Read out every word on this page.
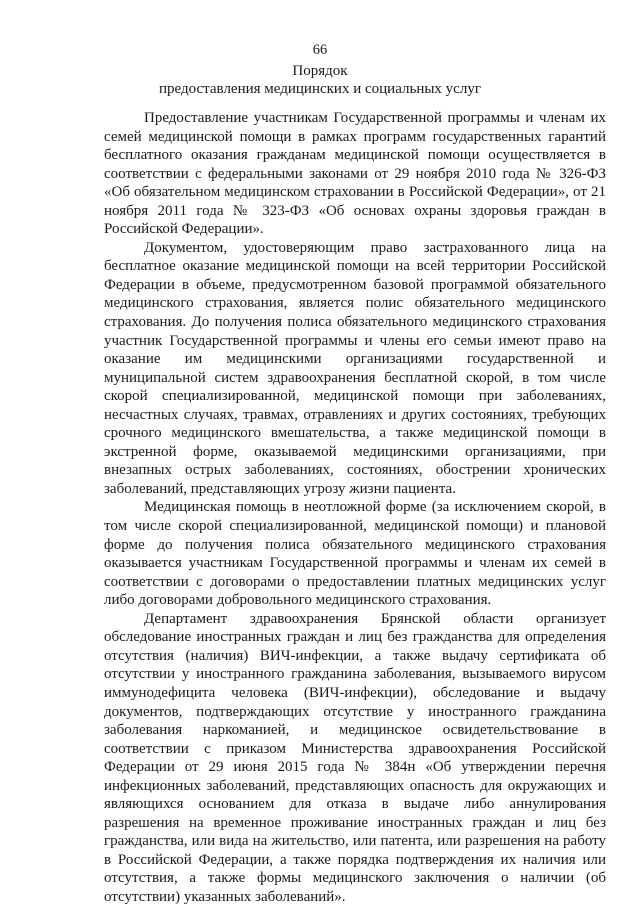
66
Порядок
предоставления медицинских и социальных услуг

Предоставление участникам Государственной программы и членам их семей медицинской помощи в рамках программ государственных гарантий бесплатного оказания гражданам медицинской помощи осуществляется в соответствии с федеральными законами от 29 ноября 2010 года № 326-ФЗ «Об обязательном медицинском страховании в Российской Федерации», от 21 ноября 2011 года № 323-ФЗ «Об основах охраны здоровья граждан в Российской Федерации».

Документом, удостоверяющим право застрахованного лица на бесплатное оказание медицинской помощи на всей территории Российской Федерации в объеме, предусмотренном базовой программой обязательного медицинского страхования, является полис обязательного медицинского страхования. До получения полиса обязательного медицинского страхования участник Государственной программы и члены его семьи имеют право на оказание им медицинскими организациями государственной и муниципальной систем здравоохранения бесплатной скорой, в том числе скорой специализированной, медицинской помощи при заболеваниях, несчастных случаях, травмах, отравлениях и других состояниях, требующих срочного медицинского вмешательства, а также медицинской помощи в экстренной форме, оказываемой медицинскими организациями, при внезапных острых заболеваниях, состояниях, обострении хронических заболеваний, представляющих угрозу жизни пациента.

Медицинская помощь в неотложной форме (за исключением скорой, в том числе скорой специализированной, медицинской помощи) и плановой форме до получения полиса обязательного медицинского страхования оказывается участникам Государственной программы и членам их семей в соответствии с договорами о предоставлении платных медицинских услуг либо договорами добровольного медицинского страхования.

Департамент здравоохранения Брянской области организует обследование иностранных граждан и лиц без гражданства для определения отсутствия (наличия) ВИЧ-инфекции, а также выдачу сертификата об отсутствии у иностранного гражданина заболевания, вызываемого вирусом иммунодефицита человека (ВИЧ-инфекции), обследование и выдачу документов, подтверждающих отсутствие у иностранного гражданина заболевания наркоманией, и медицинское освидетельствование в соответствии с приказом Министерства здравоохранения Российской Федерации от 29 июня 2015 года № 384н «Об утверждении перечня инфекционных заболеваний, представляющих опасность для окружающих и являющихся основанием для отказа в выдаче либо аннулирования разрешения на временное проживание иностранных граждан и лиц без гражданства, или вида на жительство, или патента, или разрешения на работу в Российской Федерации, а также порядка подтверждения их наличия или отсутствия, а также формы медицинского заключения о наличии (об отсутствии) указанных заболеваний».
